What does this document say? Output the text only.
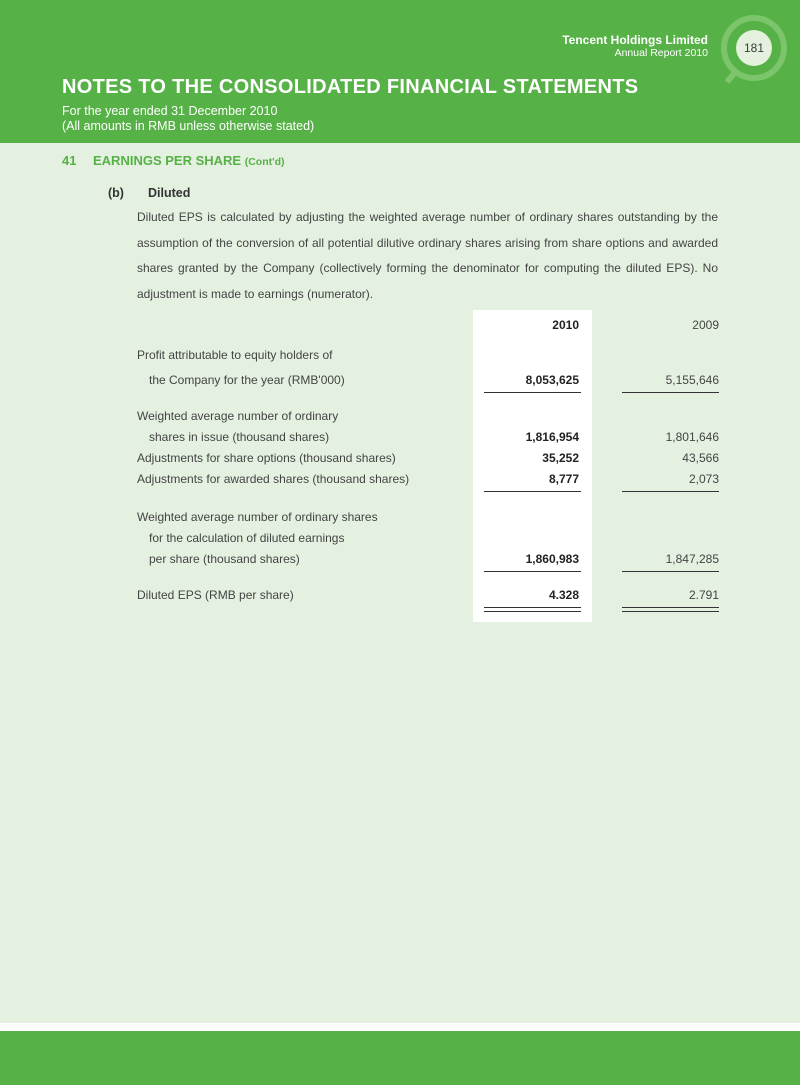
Tencent Holdings Limited
Annual Report 2010	181
NOTES TO THE CONSOLIDATED FINANCIAL STATEMENTS
For the year ended 31 December 2010
(All amounts in RMB unless otherwise stated)
41 EARNINGS PER SHARE (Cont'd)
(b) Diluted
Diluted EPS is calculated by adjusting the weighted average number of ordinary shares outstanding by the assumption of the conversion of all potential dilutive ordinary shares arising from share options and awarded shares granted by the Company (collectively forming the denominator for computing the diluted EPS). No adjustment is made to earnings (numerator).
2010	2009
Profit attributable to equity holders of
the Company for the year (RMB'000)	8,053,625	5,155,646
Weighted average number of ordinary
shares in issue (thousand shares)	1,816,954	1,801,646
Adjustments for share options (thousand shares)	35,252	43,566
Adjustments for awarded shares (thousand shares)	8,777	2,073
Weighted average number of ordinary shares
for the calculation of diluted earnings
per share (thousand shares)	1,860,983	1,847,285
Diluted EPS (RMB per share)	4.328	2.791
